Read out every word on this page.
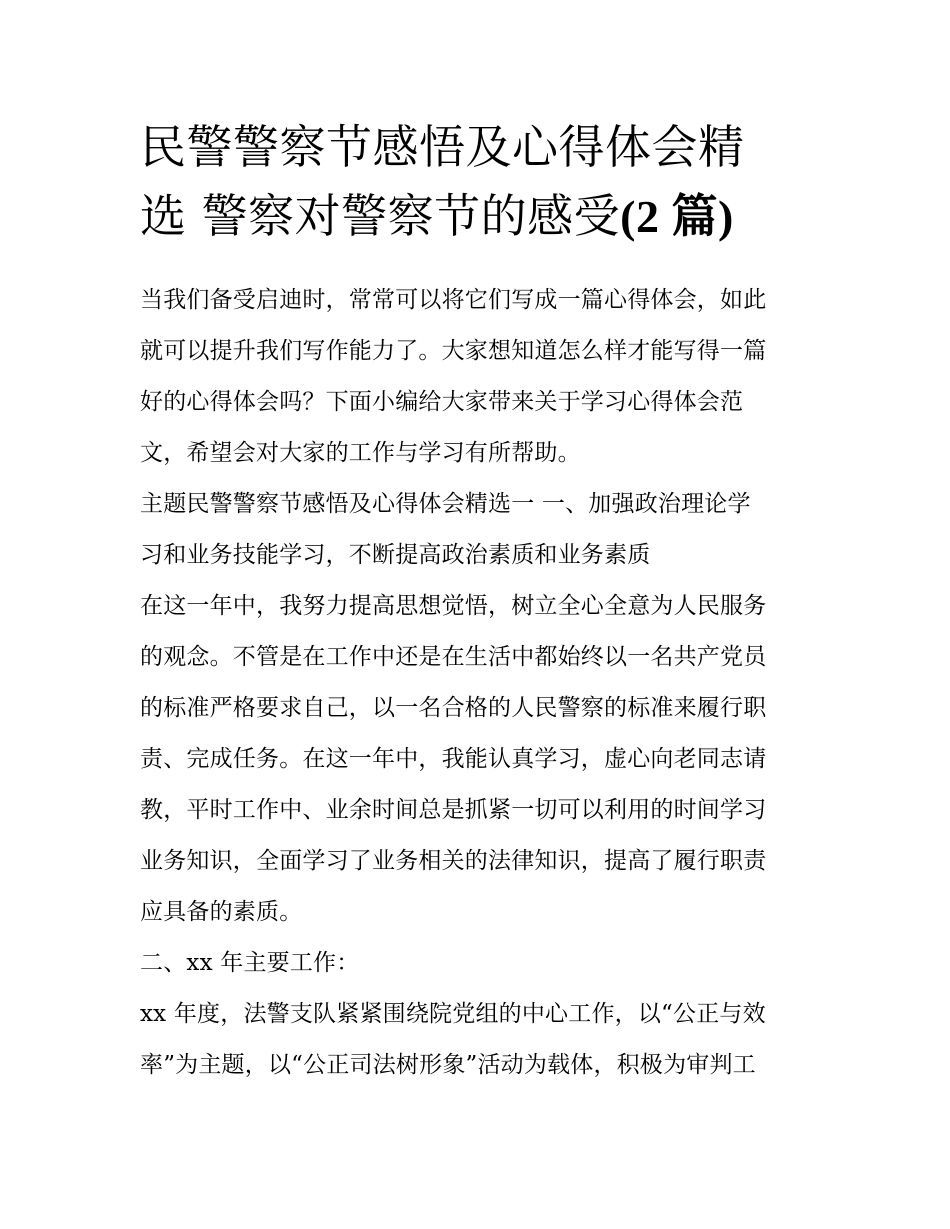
民警警察节感悟及心得体会精
选 警察对警察节的感受(2 篇)

当我们备受启迪时，常常可以将它们写成一篇心得体会，如此
就可以提升我们写作能力了。大家想知道怎么样才能写得一篇
好的心得体会吗？下面小编给大家带来关于学习心得体会范
文，希望会对大家的工作与学习有所帮助。

主题民警警察节感悟及心得体会精选一 一、加强政治理论学
习和业务技能学习，不断提高政治素质和业务素质

在这一年中，我努力提高思想觉悟，树立全心全意为人民服务
的观念。不管是在工作中还是在生活中都始终以一名共产党员
的标准严格要求自己，以一名合格的人民警察的标准来履行职
责、完成任务。在这一年中，我能认真学习，虚心向老同志请
教，平时工作中、业余时间总是抓紧一切可以利用的时间学习
业务知识，全面学习了业务相关的法律知识，提高了履行职责
应具备的素质。

二、xx 年主要工作：

xx 年度，法警支队紧紧围绕院党组的中心工作，以“公正与效
率”为主题，以“公正司法树形象”活动为载体，积极为审判工
